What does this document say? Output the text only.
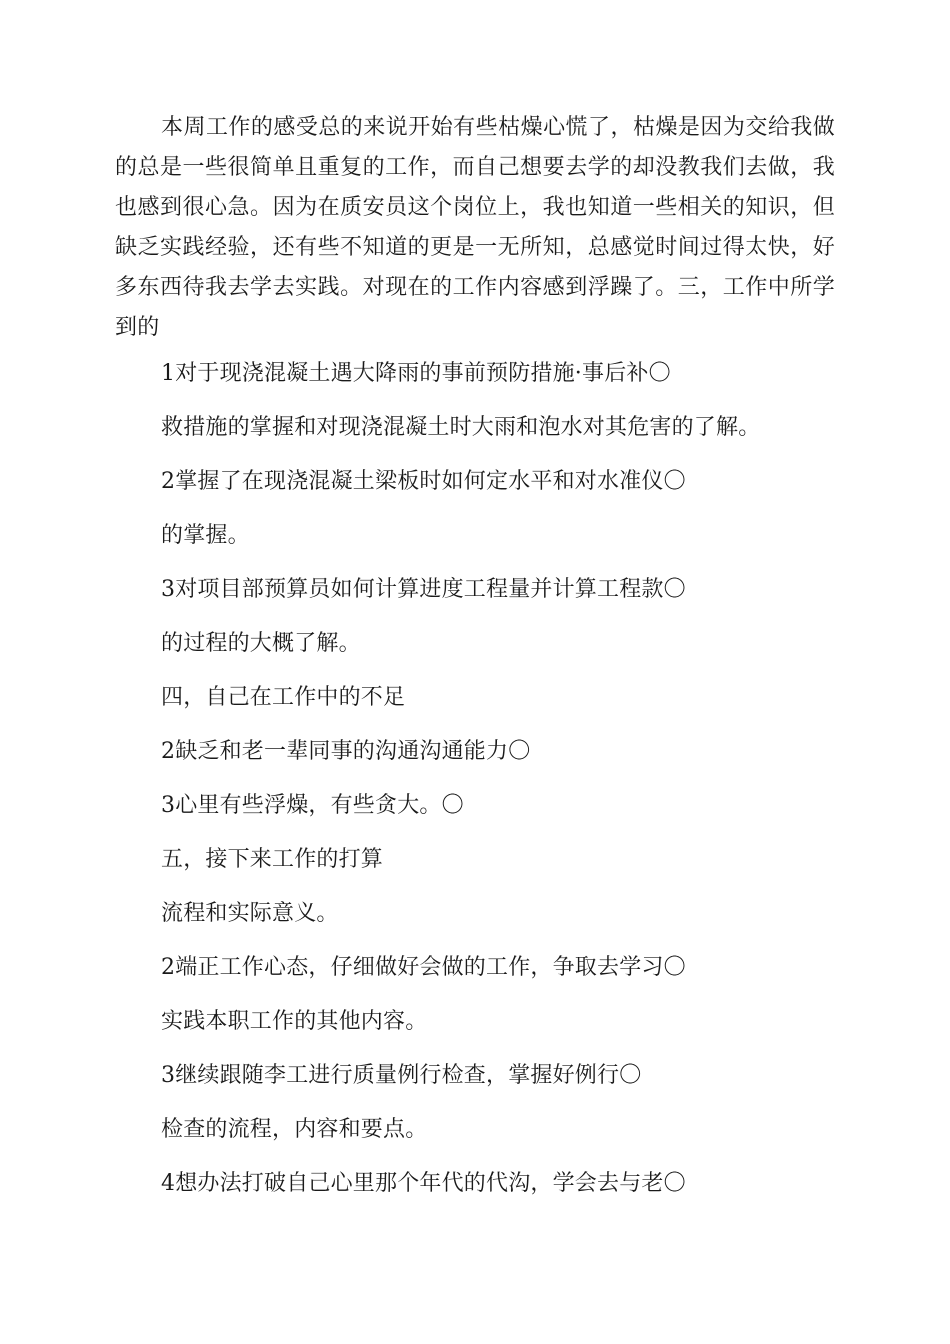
本周工作的感受总的来说开始有些枯燥心慌了，枯燥是因为交给我做的总是一些很简单且重复的工作，而自己想要去学的却没教我们去做，我也感到很心急。因为在质安员这个岗位上，我也知道一些相关的知识，但缺乏实践经验，还有些不知道的更是一无所知，总感觉时间过得太快，好多东西待我去学去实践。对现在的工作内容感到浮躁了。三，工作中所学到的

1对于现浇混凝土遇大降雨的事前预防措施·事后补〇

救措施的掌握和对现浇混凝土时大雨和泡水对其危害的了解。

2掌握了在现浇混凝土梁板时如何定水平和对水准仪〇

的掌握。

3对项目部预算员如何计算进度工程量并计算工程款〇

的过程的大概了解。

四，自己在工作中的不足

2缺乏和老一辈同事的沟通沟通能力〇

3心里有些浮燥，有些贪大。〇

五，接下来工作的打算

流程和实际意义。

2端正工作心态，仔细做好会做的工作，争取去学习〇

实践本职工作的其他内容。

3继续跟随李工进行质量例行检查，掌握好例行〇

检查的流程，内容和要点。

4想办法打破自己心里那个年代的代沟，学会去与老〇
